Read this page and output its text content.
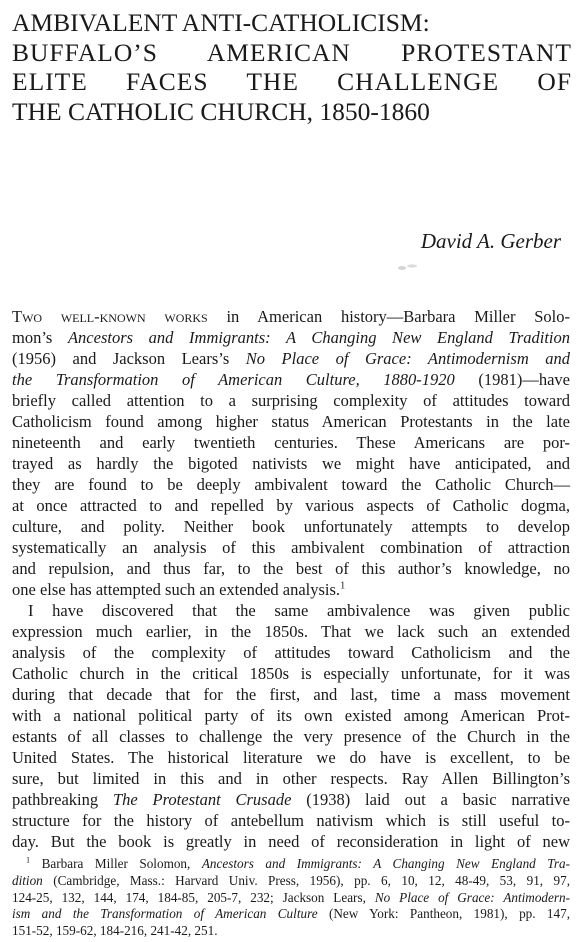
AMBIVALENT ANTI-CATHOLICISM:
BUFFALO’S AMERICAN PROTESTANT
ELITE FACES THE CHALLENGE OF
THE CATHOLIC CHURCH, 1850-1860

David A. Gerber

Two well-known works in American history—Barbara Miller Solo-
mon’s Ancestors and Immigrants: A Changing New England Tradition
(1956) and Jackson Lears’s No Place of Grace: Antimodernism and
the Transformation of American Culture, 1880-1920 (1981)—have
briefly called attention to a surprising complexity of attitudes toward
Catholicism found among higher status American Protestants in the late
nineteenth and early twentieth centuries. These Americans are por-
trayed as hardly the bigoted nativists we might have anticipated, and
they are found to be deeply ambivalent toward the Catholic Church—
at once attracted to and repelled by various aspects of Catholic dogma,
culture, and polity. Neither book unfortunately attempts to develop
systematically an analysis of this ambivalent combination of attraction
and repulsion, and thus far, to the best of this author’s knowledge, no
one else has attempted such an extended analysis.$^1$
I have discovered that the same ambivalence was given public
expression much earlier, in the 1850s. That we lack such an extended
analysis of the complexity of attitudes toward Catholicism and the
Catholic church in the critical 1850s is especially unfortunate, for it was
during that decade that for the first, and last, time a mass movement
with a national political party of its own existed among American Prot-
estants of all classes to challenge the very presence of the Church in the
United States. The historical literature we do have is excellent, to be
sure, but limited in this and in other respects. Ray Allen Billington’s
pathbreaking The Protestant Crusade (1938) laid out a basic narrative
structure for the history of antebellum nativism which is still useful to-
day. But the book is greatly in need of reconsideration in light of new
$^1$ Barbara Miller Solomon, Ancestors and Immigrants: A Changing New England Tra-
dition (Cambridge, Mass.: Harvard Univ. Press, 1956), pp. 6, 10, 12, 48-49, 53, 91, 97,
124-25, 132, 144, 174, 184-85, 205-7, 232; Jackson Lears, No Place of Grace: Antimodern-
ism and the Transformation of American Culture (New York: Pantheon, 1981), pp. 147,
151-52, 159-62, 184-216, 241-42, 251.
